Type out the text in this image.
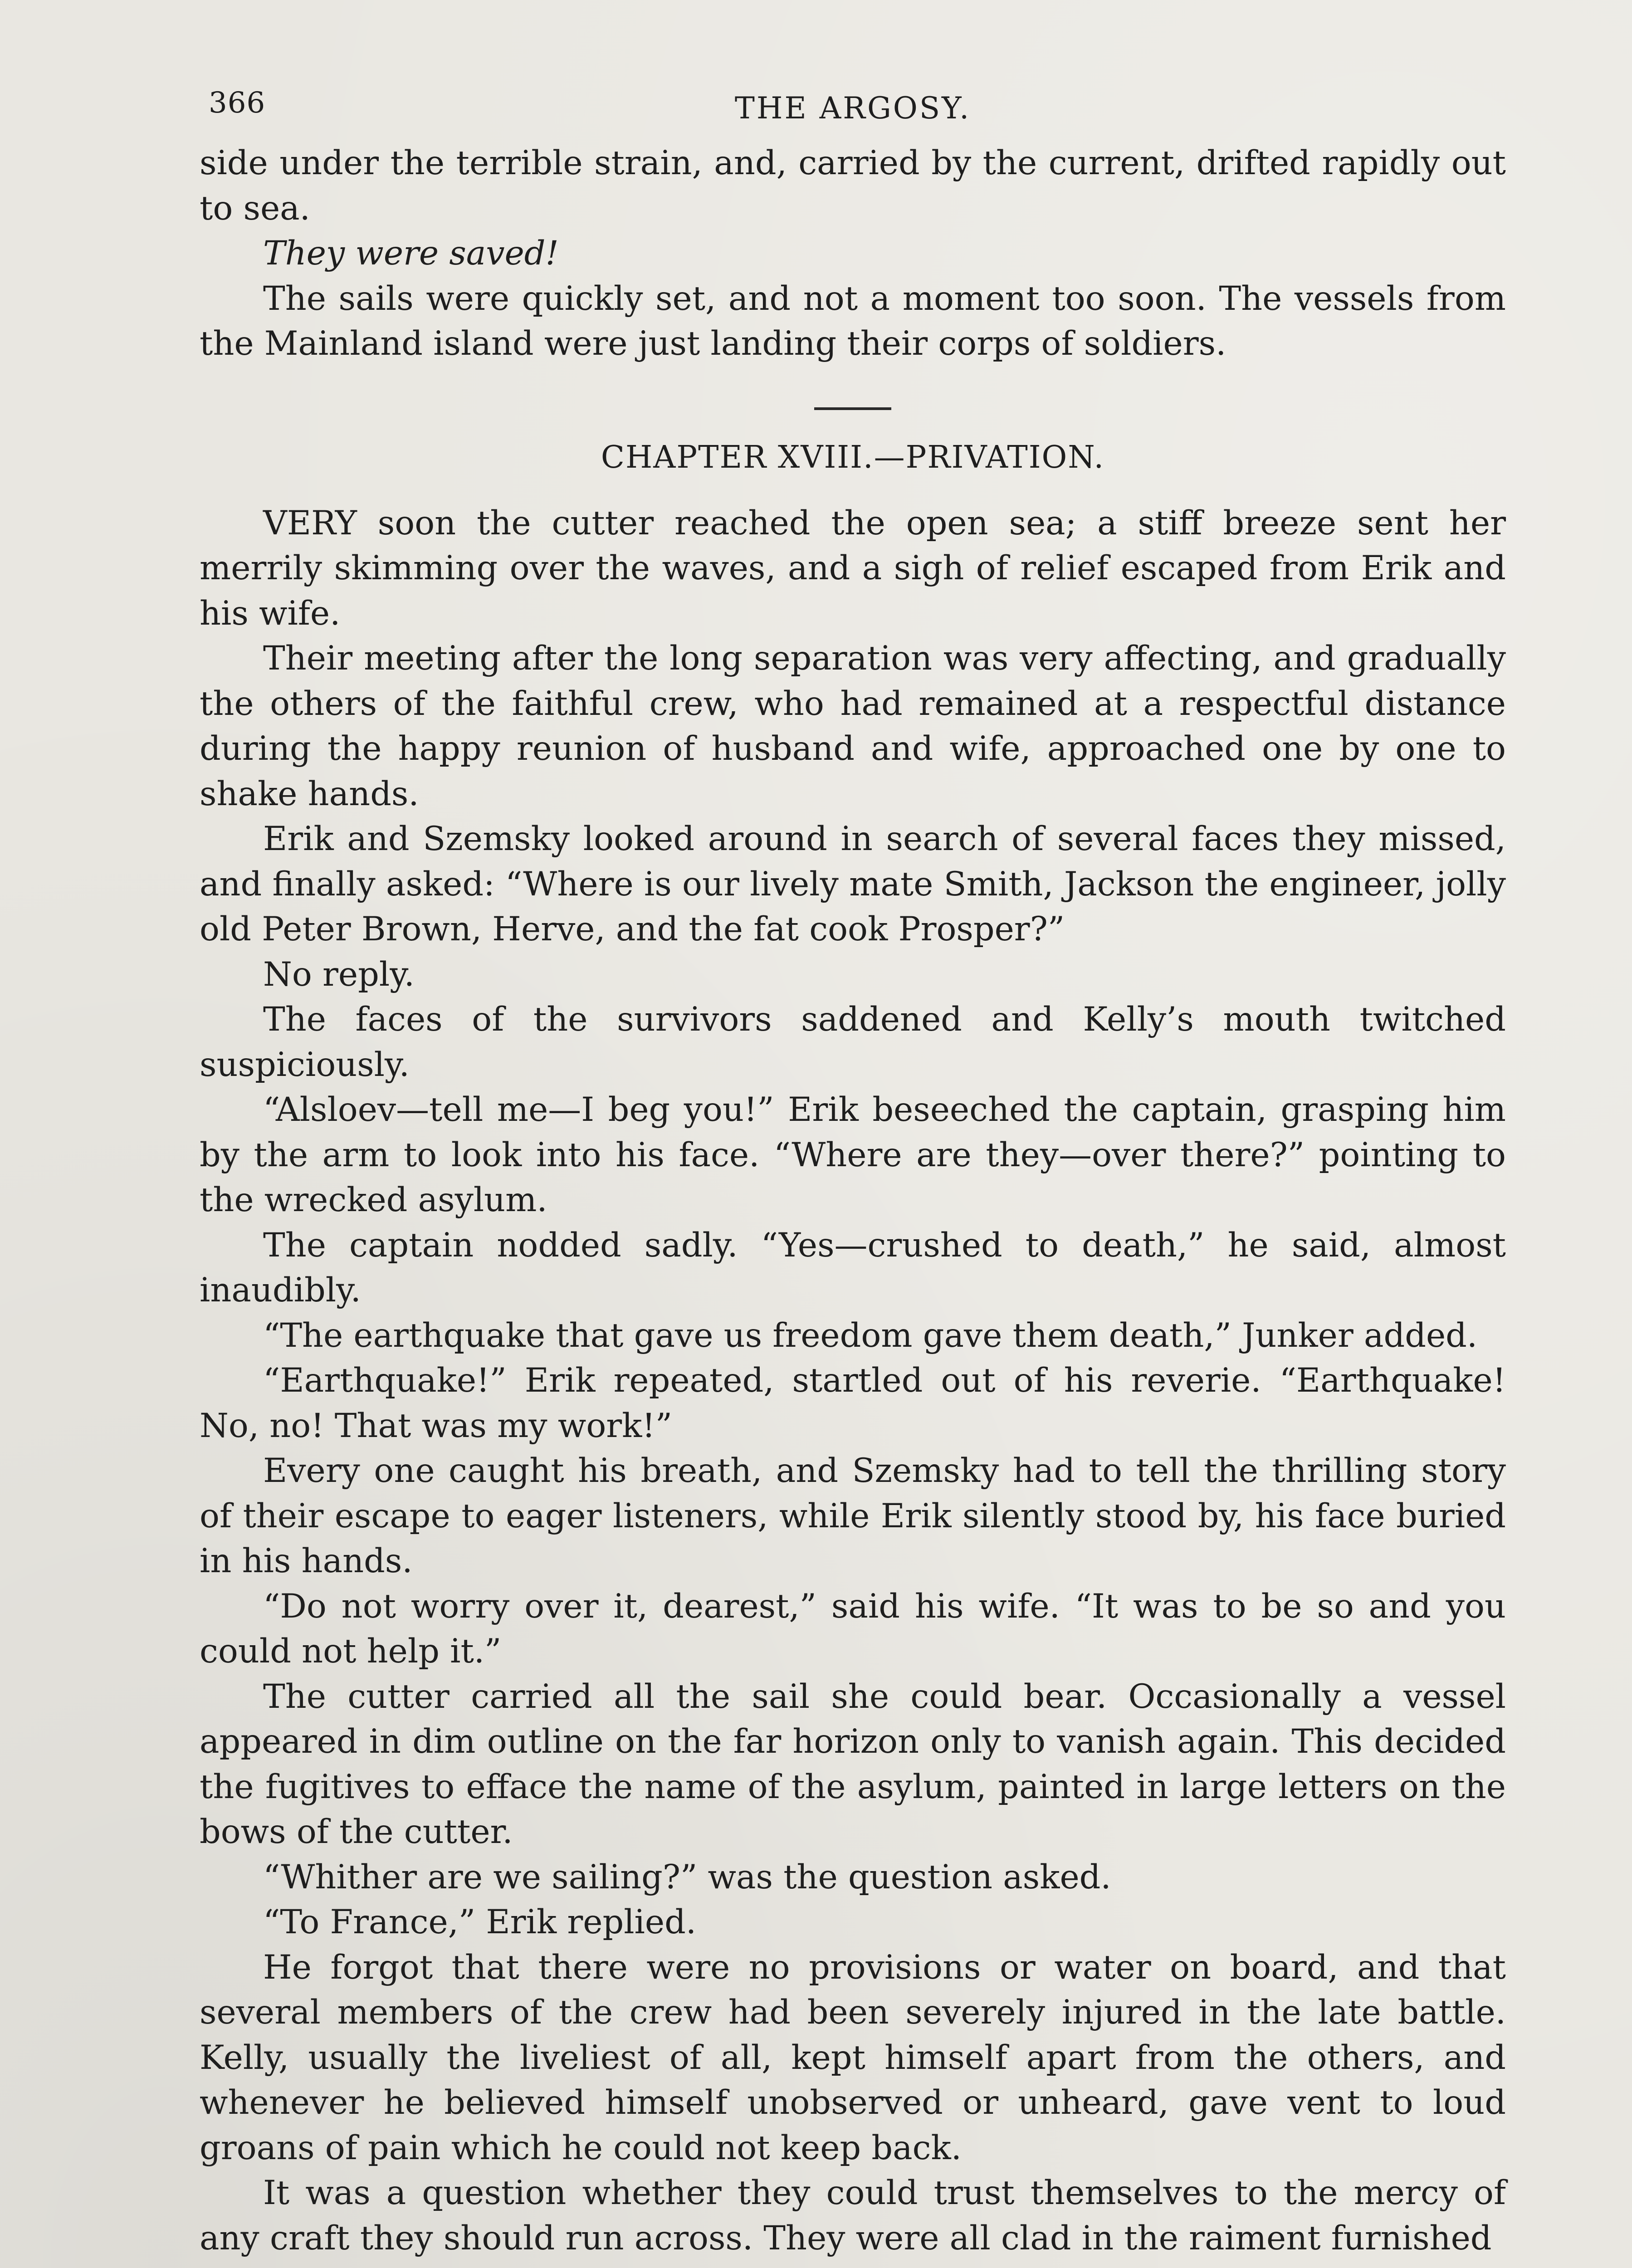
366	THE ARGOSY.

side under the terrible strain, and, carried by the current, drifted rapidly out to sea.

They were saved!

The sails were quickly set, and not a moment too soon. The vessels from the Mainland island were just landing their corps of soldiers.

CHAPTER XVIII.—PRIVATION.

VERY soon the cutter reached the open sea; a stiff breeze sent her merrily skimming over the waves, and a sigh of relief escaped from Erik and his wife.

Their meeting after the long separation was very affecting, and gradually the others of the faithful crew, who had remained at a respectful distance during the happy reunion of husband and wife, approached one by one to shake hands.

Erik and Szemsky looked around in search of several faces they missed, and finally asked: “Where is our lively mate Smith, Jackson the engineer, jolly old Peter Brown, Herve, and the fat cook Prosper?”

No reply.

The faces of the survivors saddened and Kelly’s mouth twitched suspiciously.

“Alsloev—tell me—I beg you!” Erik beseeched the captain, grasping him by the arm to look into his face. “Where are they—over there?” pointing to the wrecked asylum.

The captain nodded sadly. “Yes—crushed to death,” he said, almost inaudibly.

“The earthquake that gave us freedom gave them death,” Junker added.

“Earthquake!” Erik repeated, startled out of his reverie. “Earthquake! No, no! That was my work!”

Every one caught his breath, and Szemsky had to tell the thrilling story of their escape to eager listeners, while Erik silently stood by, his face buried in his hands.

“Do not worry over it, dearest,” said his wife. “It was to be so and you could not help it.”

The cutter carried all the sail she could bear. Occasionally a vessel appeared in dim outline on the far horizon only to vanish again. This decided the fugitives to efface the name of the asylum, painted in large letters on the bows of the cutter.

“Whither are we sailing?” was the question asked.

“To France,” Erik replied.

He forgot that there were no provisions or water on board, and that several members of the crew had been severely injured in the late battle. Kelly, usually the liveliest of all, kept himself apart from the others, and whenever he believed himself unobserved or unheard, gave vent to loud groans of pain which he could not keep back.

It was a question whether they could trust themselves to the mercy of any craft they should run across. They were all clad in the raiment furnished
